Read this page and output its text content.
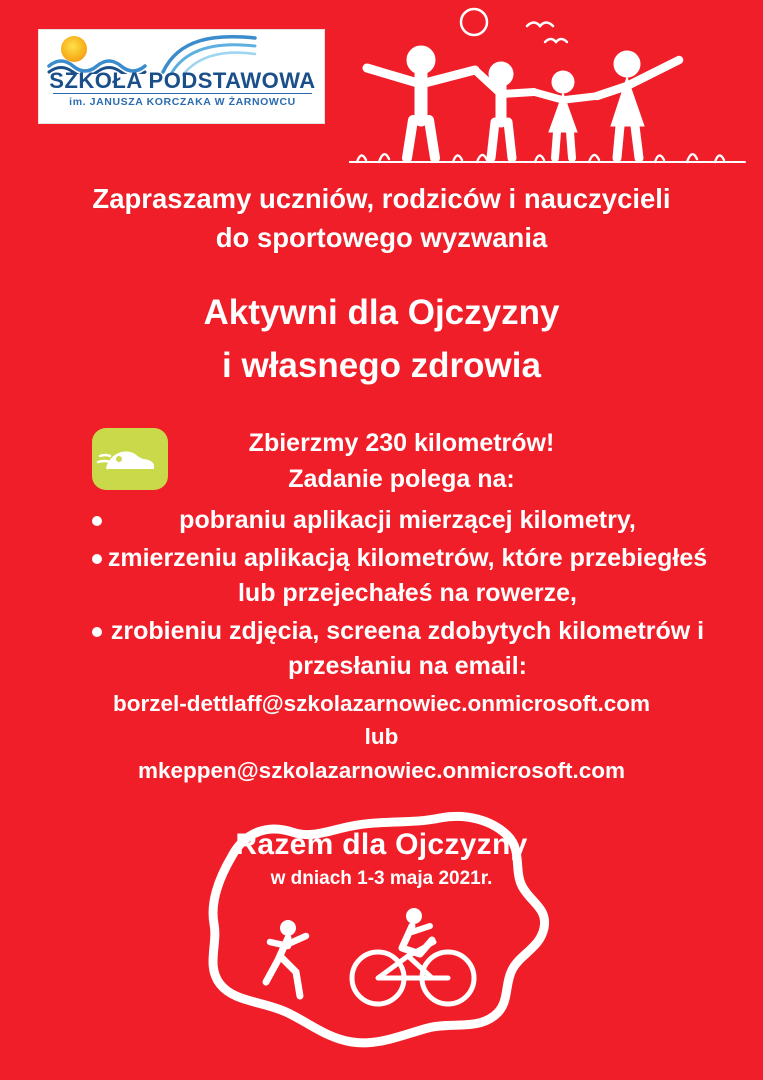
SZKOŁA PODSTAWOWA
im. JANUSZA KORCZAKA W ŻARNOWCU
Zapraszamy uczniów, rodziców i nauczycieli
do sportowego wyzwania
Aktywni dla Ojczyzny
i własnego zdrowia
Zbierzmy 230 kilometrów!
Zadanie polega na:
pobraniu aplikacji mierzącej kilometry,
zmierzeniu aplikacją kilometrów, które przebiegłeś lub przejechałeś na rowerze,
zrobieniu zdjęcia, screena zdobytych kilometrów i przesłaniu na email:
borzel-dettlaff@szkolazarnowiec.onmicrosoft.com
lub
mkeppen@szkolazarnowiec.onmicrosoft.com
Razem dla Ojczyzny
w dniach 1-3 maja 2021r.
